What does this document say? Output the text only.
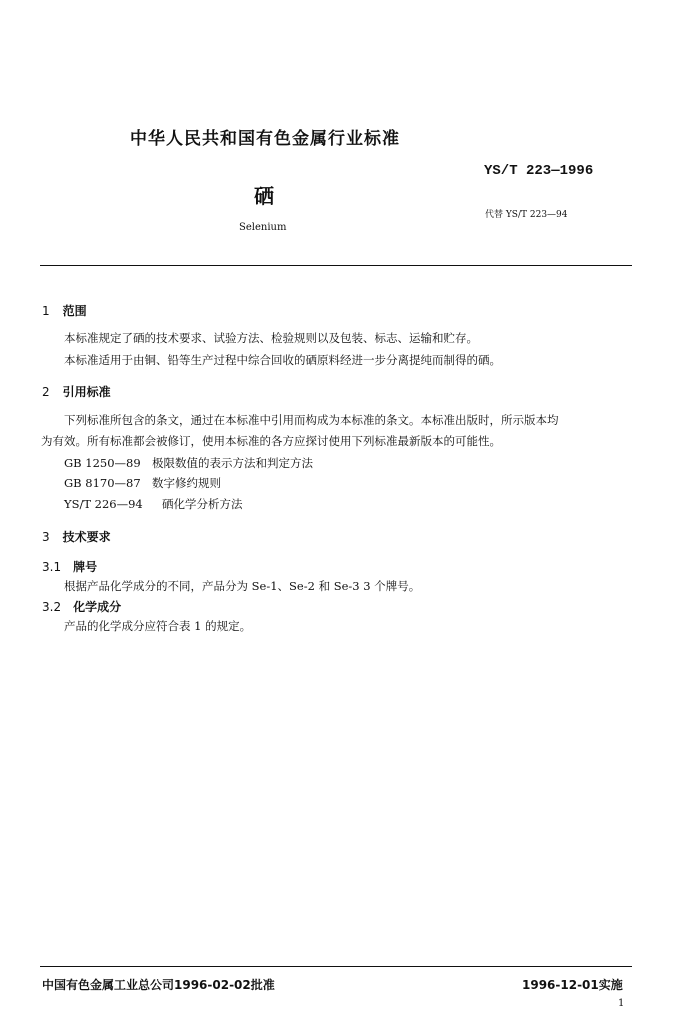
中华人民共和国有色金属行业标准
YS/T 223—1996
硒
代替 YS/T 223—94
Selenium
1 范围
本标准规定了硒的技术要求、试验方法、检验规则以及包装、标志、运输和贮存。
本标准适用于由铜、铅等生产过程中综合回收的硒原料经进一步分离提纯而制得的硒。
2 引用标准
下列标准所包含的条文，通过在本标准中引用而构成为本标准的条文。本标准出版时，所示版本均
为有效。所有标准都会被修订，使用本标准的各方应探讨使用下列标准最新版本的可能性。
GB 1250—89 极限数值的表示方法和判定方法
GB 8170—87 数字修约规则
YS/T 226—94 硒化学分析方法
3 技术要求
3.1 牌号
根据产品化学成分的不同，产品分为 Se-1、Se-2 和 Se-3 3 个牌号。
3.2 化学成分
产品的化学成分应符合表 1 的规定。
中国有色金属工业总公司1996-02-02批准	1996-12-01实施
1
